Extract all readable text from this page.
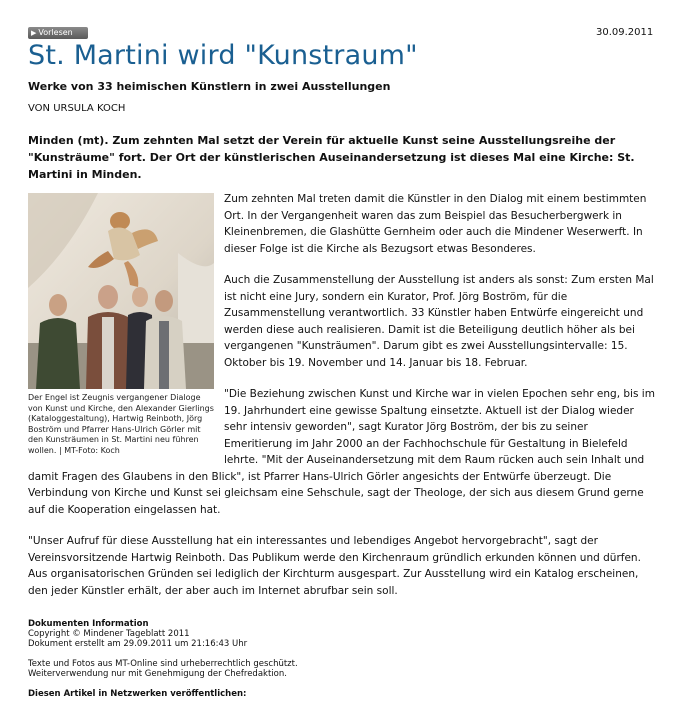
▶ Vorlesen	30.09.2011
St. Martini wird "Kunstraum"
Werke von 33 heimischen Künstlern in zwei Ausstellungen
VON URSULA KOCH

Minden (mt). Zum zehnten Mal setzt der Verein für aktuelle Kunst seine Ausstellungsreihe der "Kunsträume" fort. Der Ort der künstlerischen Auseinandersetzung ist dieses Mal eine Kirche: St. Martini in Minden.

Der Engel ist Zeugnis vergangener Dialoge von Kunst und Kirche, den Alexander Gierlings (Kataloggestaltung), Hartwig Reinboth, Jörg Boström und Pfarrer Hans-Ulrich Görler mit den Kunsträumen in St. Martini neu führen wollen. | MT-Foto: Koch

Zum zehnten Mal treten damit die Künstler in den Dialog mit einem bestimmten Ort. In der Vergangenheit waren das zum Beispiel das Besucherbergwerk in Kleinenbremen, die Glashütte Gernheim oder auch die Mindener Weserwerft. In dieser Folge ist die Kirche als Bezugsort etwas Besonderes.

Auch die Zusammenstellung der Ausstellung ist anders als sonst: Zum ersten Mal ist nicht eine Jury, sondern ein Kurator, Prof. Jörg Boström, für die Zusammenstellung verantwortlich. 33 Künstler haben Entwürfe eingereicht und werden diese auch realisieren. Damit ist die Beteiligung deutlich höher als bei vergangenen "Kunsträumen". Darum gibt es zwei Ausstellungsintervalle: 15. Oktober bis 19. November und 14. Januar bis 18. Februar.

"Die Beziehung zwischen Kunst und Kirche war in vielen Epochen sehr eng, bis im 19. Jahrhundert eine gewisse Spaltung einsetzte. Aktuell ist der Dialog wieder sehr intensiv geworden", sagt Kurator Jörg Boström, der bis zu seiner Emeritierung im Jahr 2000 an der Fachhochschule für Gestaltung in Bielefeld lehrte. "Mit der Auseinandersetzung mit dem Raum rücken auch sein Inhalt und damit Fragen des Glaubens in den Blick", ist Pfarrer Hans-Ulrich Görler angesichts der Entwürfe überzeugt. Die Verbindung von Kirche und Kunst sei gleichsam eine Sehschule, sagt der Theologe, der sich aus diesem Grund gerne auf die Kooperation eingelassen hat.

"Unser Aufruf für diese Ausstellung hat ein interessantes und lebendiges Angebot hervorgebracht", sagt der Vereinsvorsitzende Hartwig Reinboth. Das Publikum werde den Kirchenraum gründlich erkunden können und dürfen. Aus organisatorischen Gründen sei lediglich der Kirchturm ausgespart. Zur Ausstellung wird ein Katalog erscheinen, den jeder Künstler erhält, der aber auch im Internet abrufbar sein soll.

Dokumenten Information
Copyright © Mindener Tageblatt 2011
Dokument erstellt am 29.09.2011 um 21:16:43 Uhr
Texte und Fotos aus MT-Online sind urheberrechtlich geschützt.
Weiterverwendung nur mit Genehmigung der Chefredaktion.
Diesen Artikel in Netzwerken veröffentlichen:
